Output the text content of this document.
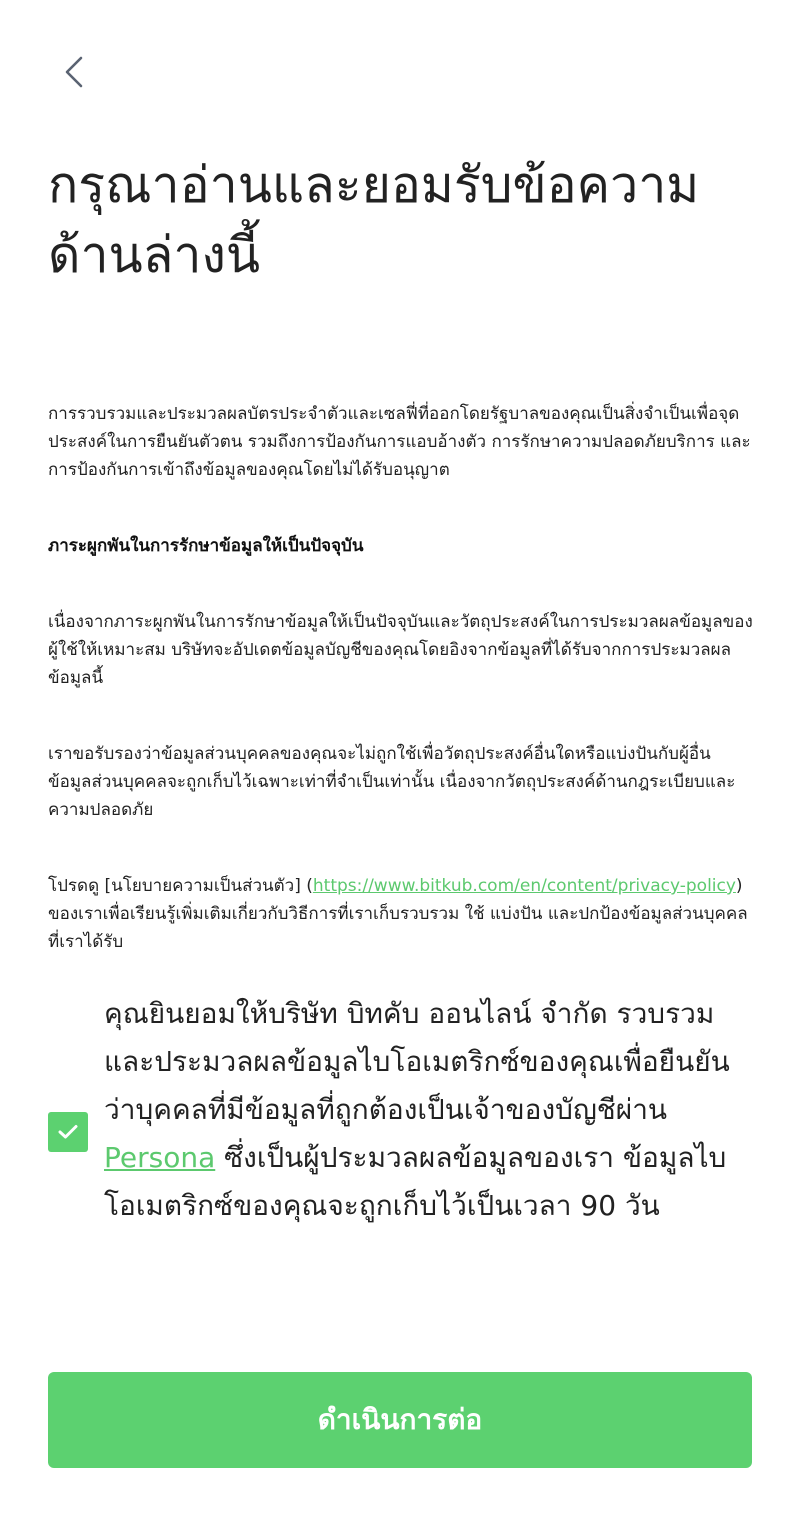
กรุณาอ่านและยอมรับข้อความด้านล่างนี้

การรวบรวมและประมวลผลบัตรประจำตัวและเซลฟี่ที่ออกโดยรัฐบาลของคุณเป็นสิ่งจำเป็นเพื่อจุดประสงค์ในการยืนยันตัวตน รวมถึงการป้องกันการแอบอ้างตัว การรักษาความปลอดภัยบริการ และการป้องกันการเข้าถึงข้อมูลของคุณโดยไม่ได้รับอนุญาต

ภาระผูกพันในการรักษาข้อมูลให้เป็นปัจจุบัน

เนื่องจากภาระผูกพันในการรักษาข้อมูลให้เป็นปัจจุบันและวัตถุประสงค์ในการประมวลผลข้อมูลของผู้ใช้ให้เหมาะสม บริษัทจะอัปเดตข้อมูลบัญชีของคุณโดยอิงจากข้อมูลที่ได้รับจากการประมวลผลข้อมูลนี้

เราขอรับรองว่าข้อมูลส่วนบุคคลของคุณจะไม่ถูกใช้เพื่อวัตถุประสงค์อื่นใดหรือแบ่งปันกับผู้อื่น ข้อมูลส่วนบุคคลจะถูกเก็บไว้เฉพาะเท่าที่จำเป็นเท่านั้น เนื่องจากวัตถุประสงค์ด้านกฎระเบียบและความปลอดภัย

โปรดดู [นโยบายความเป็นส่วนตัว] (https://www.bitkub.com/en/content/privacy-policy) ของเราเพื่อเรียนรู้เพิ่มเติมเกี่ยวกับวิธีการที่เราเก็บรวบรวม ใช้ แบ่งปัน และปกป้องข้อมูลส่วนบุคคลที่เราได้รับ

คุณยินยอมให้บริษัท บิทคับ ออนไลน์ จำกัด รวบรวมและประมวลผลข้อมูลไบโอเมตริกซ์ของคุณเพื่อยืนยันว่าบุคคลที่มีข้อมูลที่ถูกต้องเป็นเจ้าของบัญชีผ่าน Persona ซึ่งเป็นผู้ประมวลผลข้อมูลของเรา ข้อมูลไบโอเมตริกซ์ของคุณจะถูกเก็บไว้เป็นเวลา 90 วัน

ดำเนินการต่อ
